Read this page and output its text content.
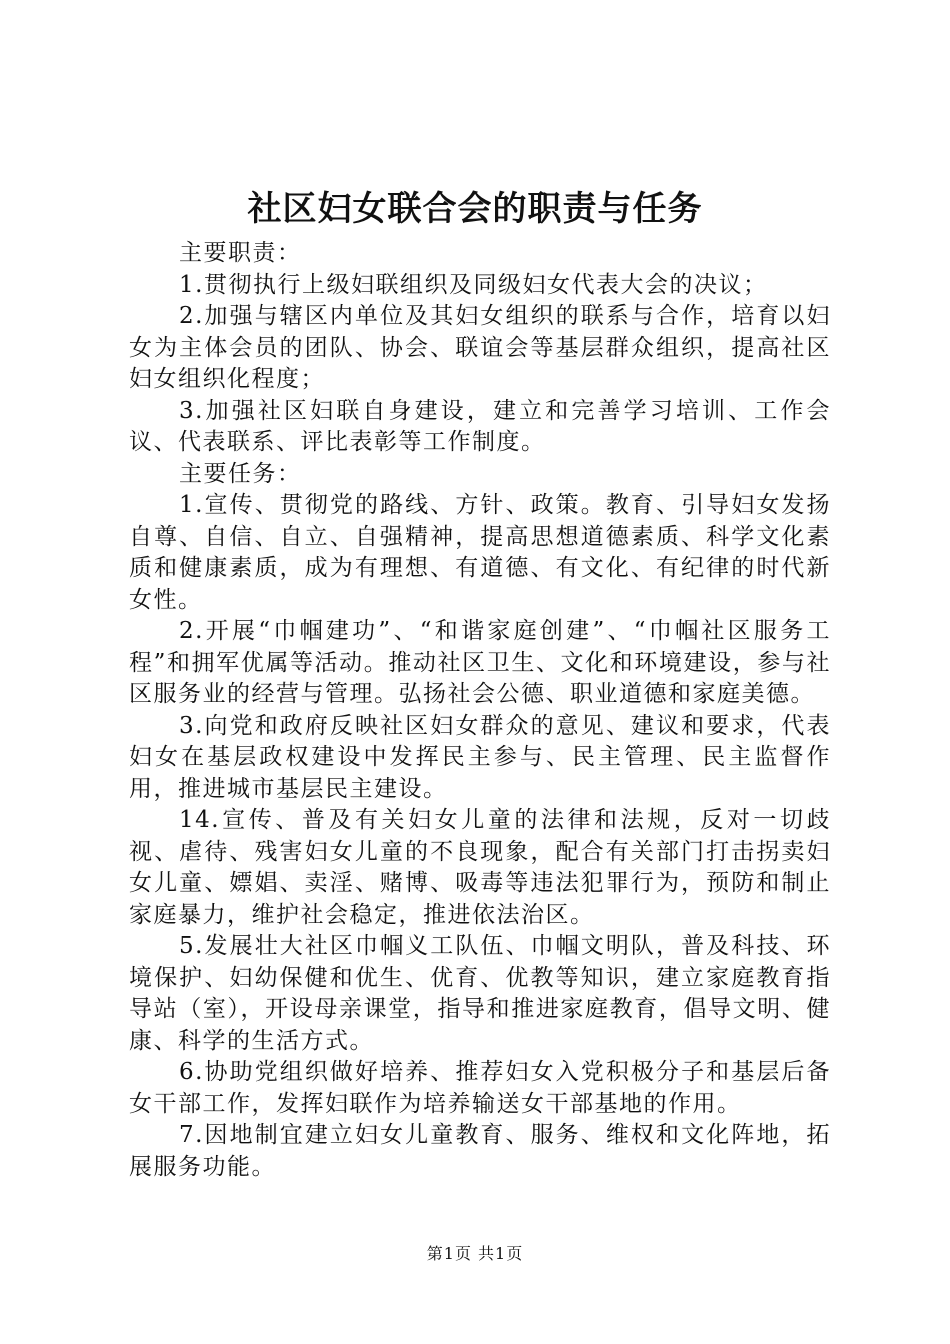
社区妇女联合会的职责与任务

主要职责：

1.贯彻执行上级妇联组织及同级妇女代表大会的决议；

2.加强与辖区内单位及其妇女组织的联系与合作，培育以妇女为主体会员的团队、协会、联谊会等基层群众组织，提高社区妇女组织化程度；

3.加强社区妇联自身建设，建立和完善学习培训、工作会议、代表联系、评比表彰等工作制度。

主要任务：

1.宣传、贯彻党的路线、方针、政策。教育、引导妇女发扬自尊、自信、自立、自强精神，提高思想道德素质、科学文化素质和健康素质，成为有理想、有道德、有文化、有纪律的时代新女性。

2.开展“巾帼建功”、“和谐家庭创建”、“巾帼社区服务工程”和拥军优属等活动。推动社区卫生、文化和环境建设，参与社区服务业的经营与管理。弘扬社会公德、职业道德和家庭美德。

3.向党和政府反映社区妇女群众的意见、建议和要求，代表妇女在基层政权建设中发挥民主参与、民主管理、民主监督作用，推进城市基层民主建设。

14.宣传、普及有关妇女儿童的法律和法规，反对一切歧视、虐待、残害妇女儿童的不良现象，配合有关部门打击拐卖妇女儿童、嫖娼、卖淫、赌博、吸毒等违法犯罪行为，预防和制止家庭暴力，维护社会稳定，推进依法治区。

5.发展壮大社区巾帼义工队伍、巾帼文明队，普及科技、环境保护、妇幼保健和优生、优育、优教等知识，建立家庭教育指导站（室），开设母亲课堂，指导和推进家庭教育，倡导文明、健康、科学的生活方式。

6.协助党组织做好培养、推荐妇女入党积极分子和基层后备女干部工作，发挥妇联作为培养输送女干部基地的作用。

7.因地制宜建立妇女儿童教育、服务、维权和文化阵地，拓展服务功能。

第1页 共1页
